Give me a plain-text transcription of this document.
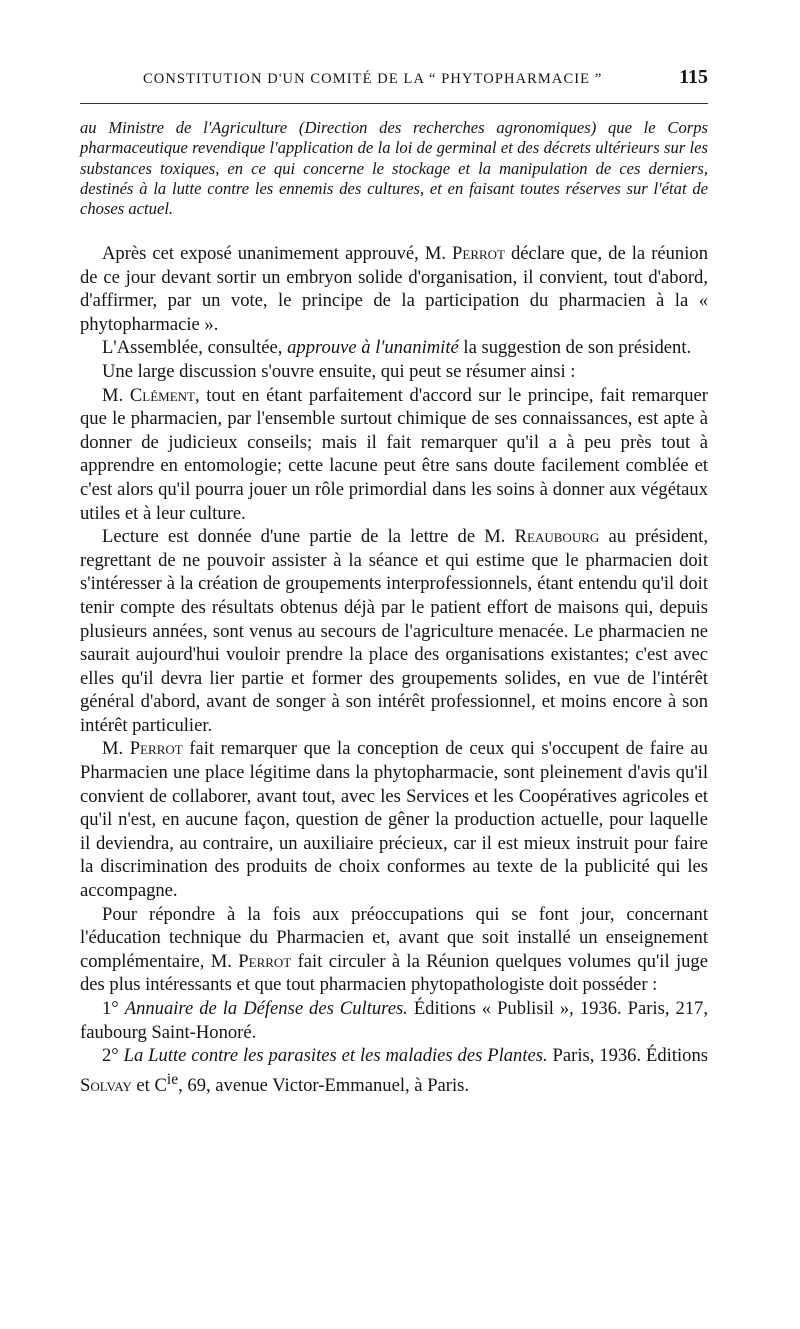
CONSTITUTION D'UN COMITÉ DE LA “ PHYTOPHARMACIE ”	115
au Ministre de l'Agriculture (Direction des recherches agronomiques) que le Corps pharmaceutique revendique l'application de la loi de germinal et des décrets ultérieurs sur les substances toxiques, en ce qui concerne le stockage et la manipulation de ces derniers, destinés à la lutte contre les ennemis des cultures, et en faisant toutes réserves sur l'état de choses actuel.

Après cet exposé unanimement approuvé, M. Perrot déclare que, de la réunion de ce jour devant sortir un embryon solide d'organisation, il convient, tout d'abord, d'affirmer, par un vote, le principe de la participation du pharmacien à la « phytopharmacie ».

L'Assemblée, consultée, approuve à l'unanimité la suggestion de son président.

Une large discussion s'ouvre ensuite, qui peut se résumer ainsi :

M. Clément, tout en étant parfaitement d'accord sur le principe, fait remarquer que le pharmacien, par l'ensemble surtout chimique de ses connaissances, est apte à donner de judicieux conseils; mais il fait remarquer qu'il a à peu près tout à apprendre en entomologie; cette lacune peut être sans doute facilement comblée et c'est alors qu'il pourra jouer un rôle primordial dans les soins à donner aux végétaux utiles et à leur culture.

Lecture est donnée d'une partie de la lettre de M. Reaubourg au président, regrettant de ne pouvoir assister à la séance et qui estime que le pharmacien doit s'intéresser à la création de groupements interprofessionnels, étant entendu qu'il doit tenir compte des résultats obtenus déjà par le patient effort de maisons qui, depuis plusieurs années, sont venus au secours de l'agriculture menacée. Le pharmacien ne saurait aujourd'hui vouloir prendre la place des organisations existantes; c'est avec elles qu'il devra lier partie et former des groupements solides, en vue de l'intérêt général d'abord, avant de songer à son intérêt professionnel, et moins encore à son intérêt particulier.

M. Perrot fait remarquer que la conception de ceux qui s'occupent de faire au Pharmacien une place légitime dans la phytopharmacie, sont pleinement d'avis qu'il convient de collaborer, avant tout, avec les Services et les Coopératives agricoles et qu'il n'est, en aucune façon, question de gêner la production actuelle, pour laquelle il deviendra, au contraire, un auxiliaire précieux, car il est mieux instruit pour faire la discrimination des produits de choix conformes au texte de la publicité qui les accompagne.

Pour répondre à la fois aux préoccupations qui se font jour, concernant l'éducation technique du Pharmacien et, avant que soit installé un enseignement complémentaire, M. Perrot fait circuler à la Réunion quelques volumes qu'il juge des plus intéressants et que tout pharmacien phytopathologiste doit posséder :

1° Annuaire de la Défense des Cultures. Éditions « Publisil », 1936. Paris, 217, faubourg Saint-Honoré.

2° La Lutte contre les parasites et les maladies des Plantes. Paris, 1936. Éditions Solvay et $C^{ie}$, 69, avenue Victor-Emmanuel, à Paris.
